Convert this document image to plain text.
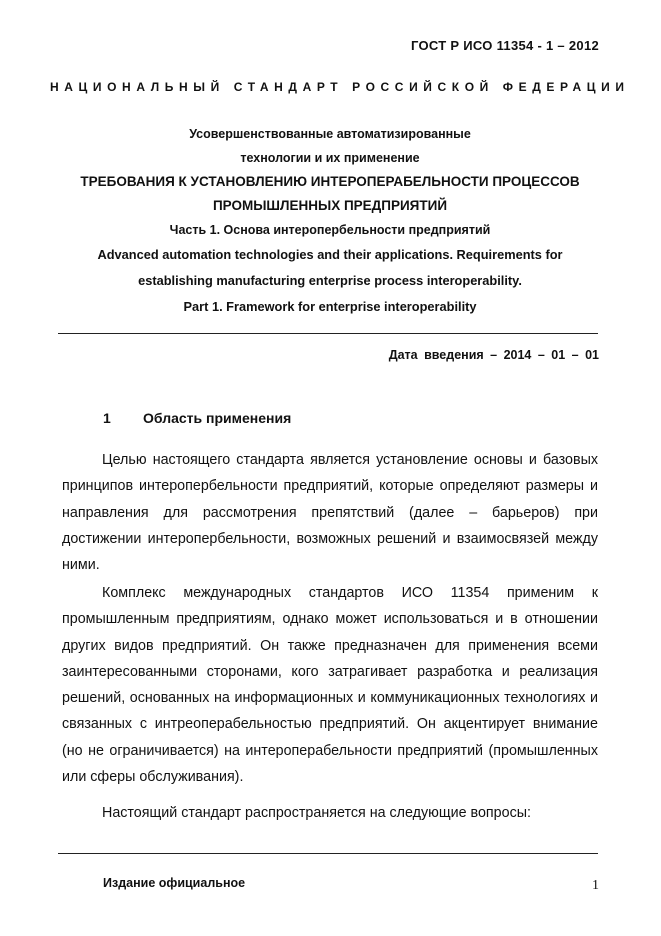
ГОСТ Р ИСО 11354 - 1 – 2012
НАЦИОНАЛЬНЫЙ СТАНДАРТ РОССИЙСКОЙ ФЕДЕРАЦИИ
Усовершенствованные автоматизированные
технологии и их применение
ТРЕБОВАНИЯ К УСТАНОВЛЕНИЮ ИНТЕРОПЕРАБЕЛЬНОСТИ ПРОЦЕССОВ
ПРОМЫШЛЕННЫХ ПРЕДПРИЯТИЙ
Часть 1. Основа интеропербельности предприятий
Advanced automation technologies and their applications. Requirements for
establishing manufacturing enterprise process interoperability.
Part 1. Framework for enterprise interoperability
Дата введения – 2014 – 01 – 01
1 Область применения

Целью настоящего стандарта является установление основы и базовых принципов интеропербельности предприятий, которые определяют размеры и направления для рассмотрения препятствий (далее – барьеров) при достижении интеропербельности, возможных решений и взаимосвязей между ними.

Комплекс международных стандартов ИСО 11354 применим к промышленным предприятиям, однако может использоваться и в отношении других видов предприятий. Он также предназначен для применения всеми заинтересованными сторонами, кого затрагивает разработка и реализация решений, основанных на информационных и коммуникационных технологиях и связанных с интреоперабельностью предприятий. Он акцентирует внимание (но не ограничивается) на интероперабельности предприятий (промышленных или сферы обслуживания).

Настоящий стандарт распространяется на следующие вопросы:

Издание официальное	1
